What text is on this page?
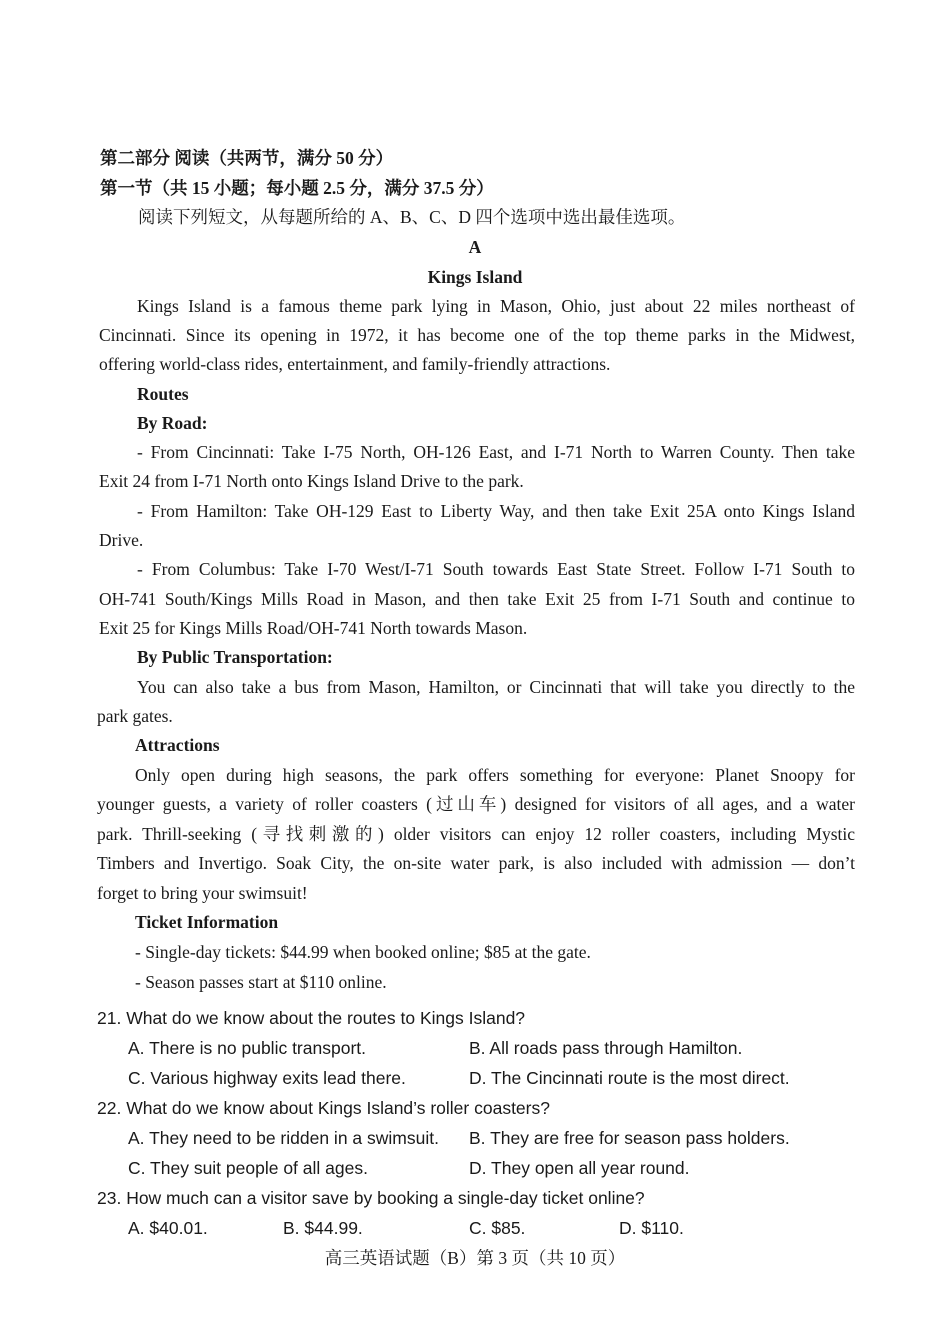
第二部分 阅读（共两节，满分 50 分）
第一节（共 15 小题；每小题 2.5 分，满分 37.5 分）
阅读下列短文，从每题所给的 A、B、C、D 四个选项中选出最佳选项。
A
Kings Island
Kings Island is a famous theme park lying in Mason, Ohio, just about 22 miles northeast of
Cincinnati. Since its opening in 1972, it has become one of the top theme parks in the Midwest,
offering world-class rides, entertainment, and family-friendly attractions.
Routes
By Road:
- From Cincinnati: Take I-75 North, OH-126 East, and I-71 North to Warren County. Then take
Exit 24 from I-71 North onto Kings Island Drive to the park.
- From Hamilton: Take OH-129 East to Liberty Way, and then take Exit 25A onto Kings Island
Drive.
- From Columbus: Take I-70 West/I-71 South towards East State Street. Follow I-71 South to
OH-741 South/Kings Mills Road in Mason, and then take Exit 25 from I-71 South and continue to
Exit 25 for Kings Mills Road/OH-741 North towards Mason.
By Public Transportation:
You can also take a bus from Mason, Hamilton, or Cincinnati that will take you directly to the
park gates.
Attractions
Only open during high seasons, the park offers something for everyone: Planet Snoopy for
younger guests, a variety of roller coasters (过山车) designed for visitors of all ages, and a water
park. Thrill-seeking (寻找刺激的) older visitors can enjoy 12 roller coasters, including Mystic
Timbers and Invertigo. Soak City, the on-site water park, is also included with admission — don’t
forget to bring your swimsuit!
Ticket Information
- Single-day tickets: $44.99 when booked online; $85 at the gate.
- Season passes start at $110 online.
21. What do we know about the routes to Kings Island?
A. There is no public transport.	B. All roads pass through Hamilton.
C. Various highway exits lead there.	D. The Cincinnati route is the most direct.
22. What do we know about Kings Island’s roller coasters?
A. They need to be ridden in a swimsuit. B. They are free for season pass holders.
C. They suit people of all ages.	D. They open all year round.
23. How much can a visitor save by booking a single-day ticket online?
A. $40.01.	B. $44.99.	C. $85.	D. $110.
高三英语试题（B）第 3 页（共 10 页）
